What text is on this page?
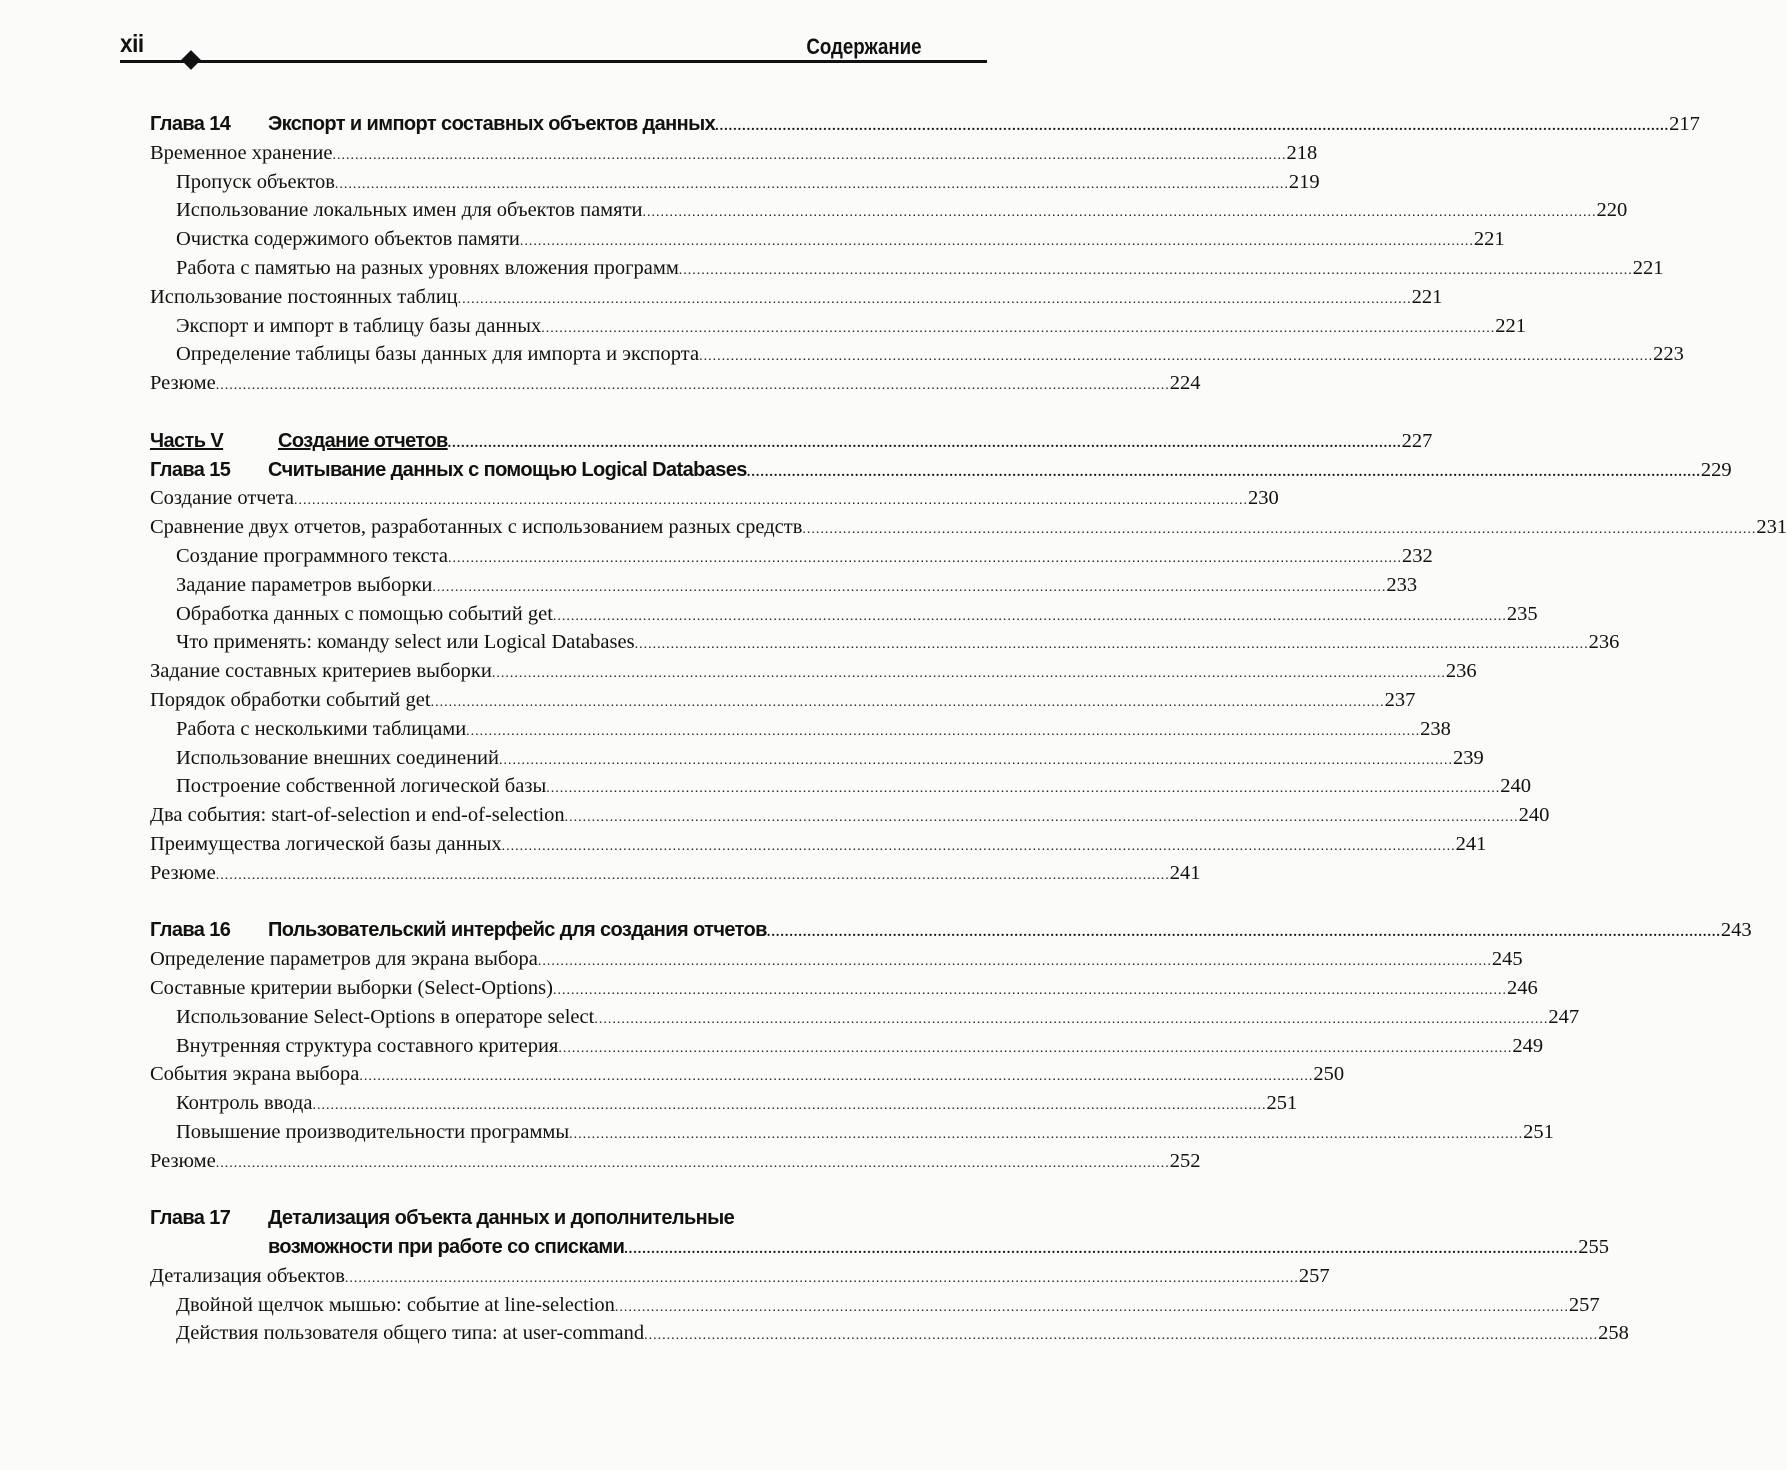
xii	Содержание
Глава 14 Экспорт и импорт составных объектов данных .....	217
Временное хранение .....	218
Пропуск объектов .....	219
Использование локальных имен для объектов памяти .....	220
Очистка содержимого объектов памяти .....	221
Работа с памятью на разных уровнях вложения программ .....	221
Использование постоянных таблиц .....	221
Экспорт и импорт в таблицу базы данных .....	221
Определение таблицы базы данных для импорта и экспорта .....	223
Резюме .....	224
Часть V	Создание отчетов .....	227
Глава 15 Считывание данных с помощью Logical Databases .....	229
Создание отчета .....	230
Сравнение двух отчетов, разработанных с использованием разных средств .....	231
Создание программного текста .....	232
Задание параметров выборки .....	233
Обработка данных с помощью событий get .....	235
Что применять: команду select или Logical Databases .....	236
Задание составных критериев выборки .....	236
Порядок обработки событий get .....	237
Работа с несколькими таблицами .....	238
Использование внешних соединений .....	239
Построение собственной логической базы .....	240
Два события: start-of-selection и end-of-selection .....	240
Преимущества логической базы данных .....	241
Резюме .....	241
Глава 16 Пользовательский интерфейс для создания отчетов .....	243
Определение параметров для экрана выбора .....	245
Составные критерии выборки (Select-Options) .....	246
Использование Select-Options в операторе select .....	247
Внутренняя структура составного критерия .....	249
События экрана выбора .....	250
Контроль ввода .....	251
Повышение производительности программы .....	251
Резюме .....	252
Глава 17 Детализация объекта данных и дополнительные
возможности при работе со списками .....	255
Детализация объектов .....	257
Двойной щелчок мышью: событие at line-selection .....	257
Действия пользователя общего типа: at user-command .....	258
